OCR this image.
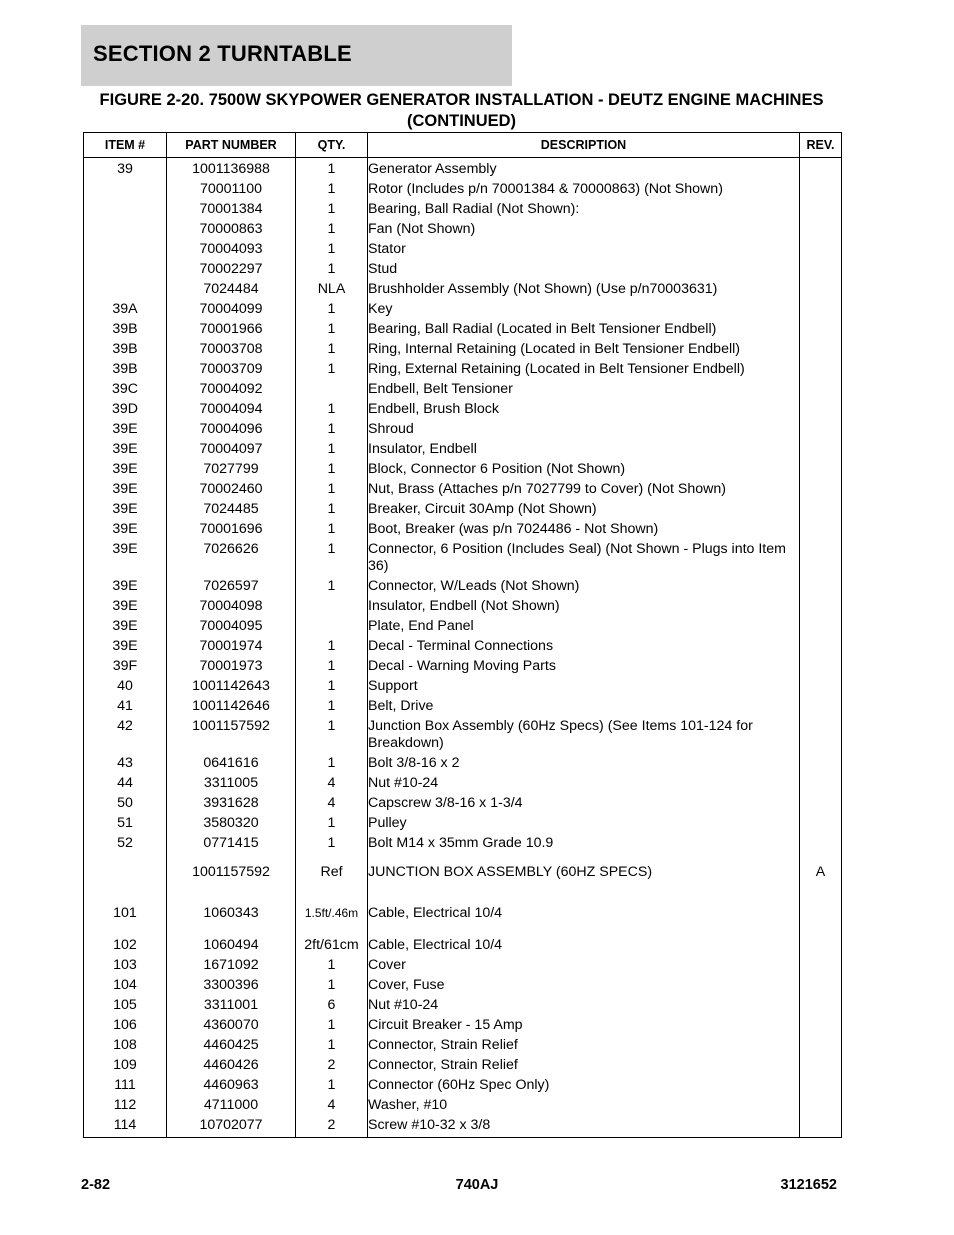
SECTION 2 TURNTABLE
FIGURE 2-20. 7500W SKYPOWER GENERATOR INSTALLATION - DEUTZ ENGINE MACHINES
(CONTINUED)
ITEM #	PART NUMBER	QTY.	DESCRIPTION	REV.
39	1001136988	1	Generator Assembly	
	70001100	1	Rotor (Includes p/n 70001384 & 70000863) (Not Shown)	
	70001384	1	Bearing, Ball Radial (Not Shown):	
	70000863	1	Fan (Not Shown)	
	70004093	1	Stator	
	70002297	1	Stud	
	7024484	NLA	Brushholder Assembly (Not Shown) (Use p/n70003631)	
39A	70004099	1	Key	
39B	70001966	1	Bearing, Ball Radial (Located in Belt Tensioner Endbell)	
39B	70003708	1	Ring, Internal Retaining (Located in Belt Tensioner Endbell)	
39B	70003709	1	Ring, External Retaining (Located in Belt Tensioner Endbell)	
39C	70004092		Endbell, Belt Tensioner	
39D	70004094	1	Endbell, Brush Block	
39E	70004096	1	Shroud	
39E	70004097	1	Insulator, Endbell	
39E	7027799	1	Block, Connector 6 Position (Not Shown)	
39E	70002460	1	Nut, Brass (Attaches p/n 7027799 to Cover) (Not Shown)	
39E	7024485	1	Breaker, Circuit 30Amp (Not Shown)	
39E	70001696	1	Boot, Breaker (was p/n 7024486 - Not Shown)	
39E	7026626	1	Connector, 6 Position (Includes Seal) (Not Shown - Plugs into Item 36)	
39E	7026597	1	Connector, W/Leads (Not Shown)	
39E	70004098		Insulator, Endbell (Not Shown)	
39E	70004095		Plate, End Panel	
39E	70001974	1	Decal - Terminal Connections	
39F	70001973	1	Decal - Warning Moving Parts	
40	1001142643	1	Support	
41	1001142646	1	Belt, Drive	
42	1001157592	1	Junction Box Assembly (60Hz Specs) (See Items 101-124 for Breakdown)	
43	0641616	1	Bolt 3/8-16 x 2	
44	3311005	4	Nut #10-24	
50	3931628	4	Capscrew 3/8-16 x 1-3/4	
51	3580320	1	Pulley	
52	0771415	1	Bolt M14 x 35mm Grade 10.9	
	1001157592	Ref	JUNCTION BOX ASSEMBLY (60HZ SPECS)	A
101	1060343	1.5ft/.46m	Cable, Electrical 10/4	
102	1060494	2ft/61cm	Cable, Electrical 10/4	
103	1671092	1	Cover	
104	3300396	1	Cover, Fuse	
105	3311001	6	Nut #10-24	
106	4360070	1	Circuit Breaker - 15 Amp	
108	4460425	1	Connector, Strain Relief	
109	4460426	2	Connector, Strain Relief	
111	4460963	1	Connector (60Hz Spec Only)	
112	4711000	4	Washer, #10	
114	10702077	2	Screw #10-32 x 3/8	

2-82	740AJ	3121652
